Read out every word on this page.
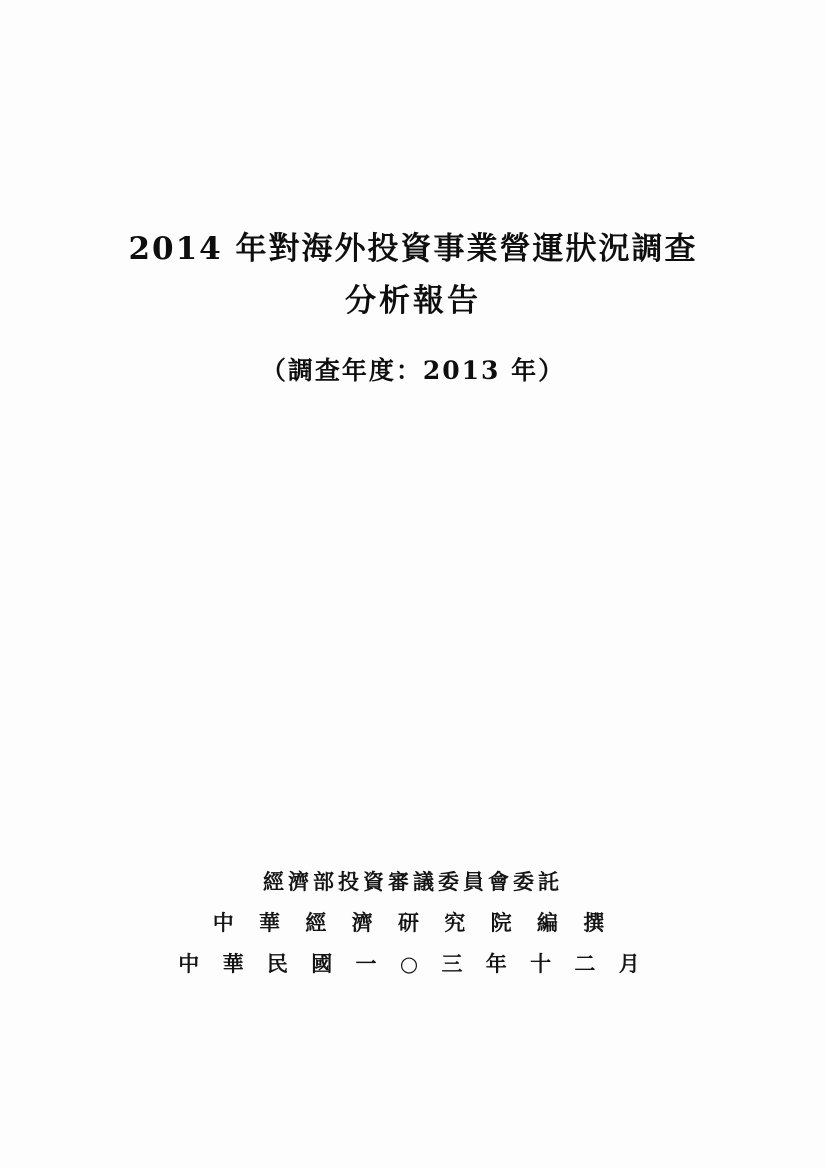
2014 年對海外投資事業營運狀況調查
分析報告
（調查年度：2013 年）
經濟部投資審議委員會委託
中 華 經 濟 研 究 院 編 撰
中 華 民 國 一 ○ 三 年 十 二 月
